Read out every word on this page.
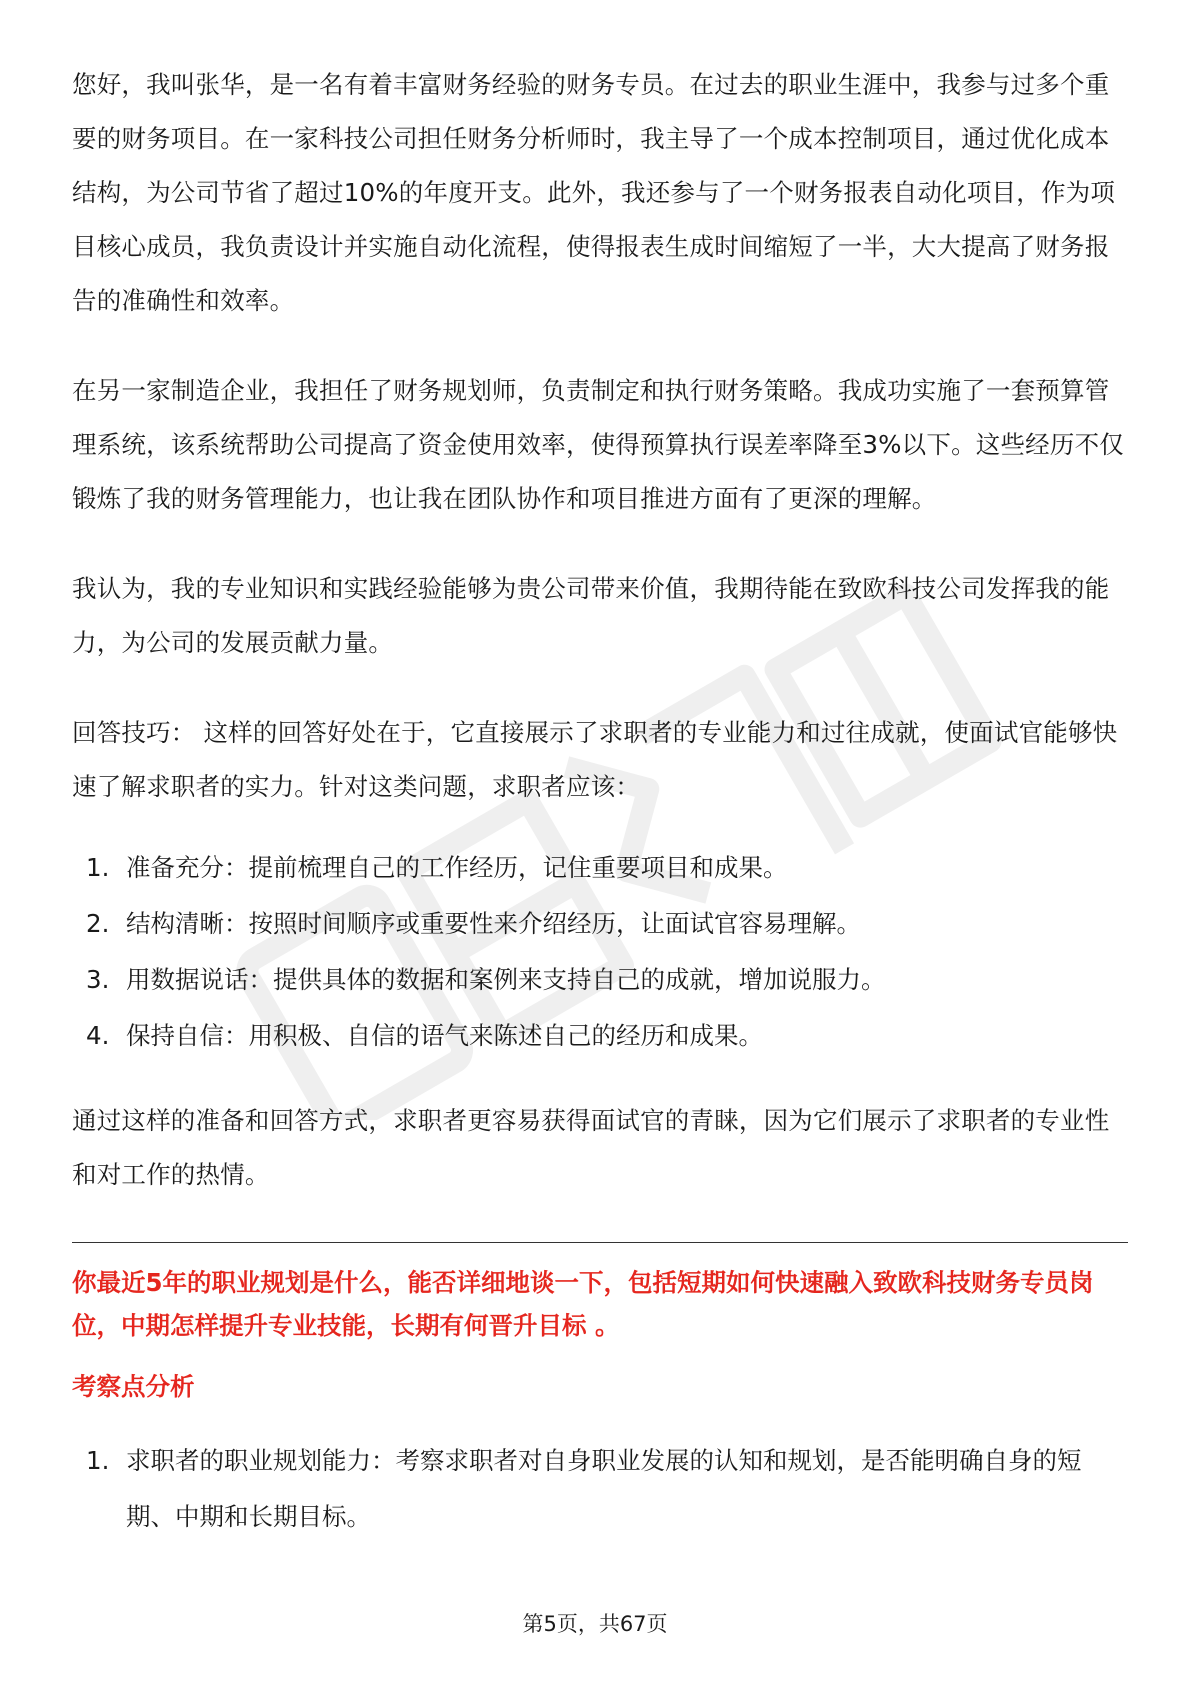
您好，我叫张华，是一名有着丰富财务经验的财务专员。在过去的职业生涯中，我参与过多个重要的财务项目。在一家科技公司担任财务分析师时，我主导了一个成本控制项目，通过优化成本结构，为公司节省了超过10%的年度开支。此外，我还参与了一个财务报表自动化项目，作为项目核心成员，我负责设计并实施自动化流程，使得报表生成时间缩短了一半，大大提高了财务报告的准确性和效率。

在另一家制造企业，我担任了财务规划师，负责制定和执行财务策略。我成功实施了一套预算管理系统，该系统帮助公司提高了资金使用效率，使得预算执行误差率降至3%以下。这些经历不仅锻炼了我的财务管理能力，也让我在团队协作和项目推进方面有了更深的理解。

我认为，我的专业知识和实践经验能够为贵公司带来价值，我期待能在致欧科技公司发挥我的能力，为公司的发展贡献力量。

回答技巧： 这样的回答好处在于，它直接展示了求职者的专业能力和过往成就，使面试官能够快速了解求职者的实力。针对这类问题，求职者应该：

1. 准备充分：提前梳理自己的工作经历，记住重要项目和成果。
2. 结构清晰：按照时间顺序或重要性来介绍经历，让面试官容易理解。
3. 用数据说话：提供具体的数据和案例来支持自己的成就，增加说服力。
4. 保持自信：用积极、自信的语气来陈述自己的经历和成果。

通过这样的准备和回答方式，求职者更容易获得面试官的青睐，因为它们展示了求职者的专业性和对工作的热情。

你最近5年的职业规划是什么，能否详细地谈一下，包括短期如何快速融入致欧科技财务专员岗位，中期怎样提升专业技能，长期有何晋升目标 。

考察点分析

1. 求职者的职业规划能力：考察求职者对自身职业发展的认知和规划，是否能明确自身的短期、中期和长期目标。
第5页，共67页
